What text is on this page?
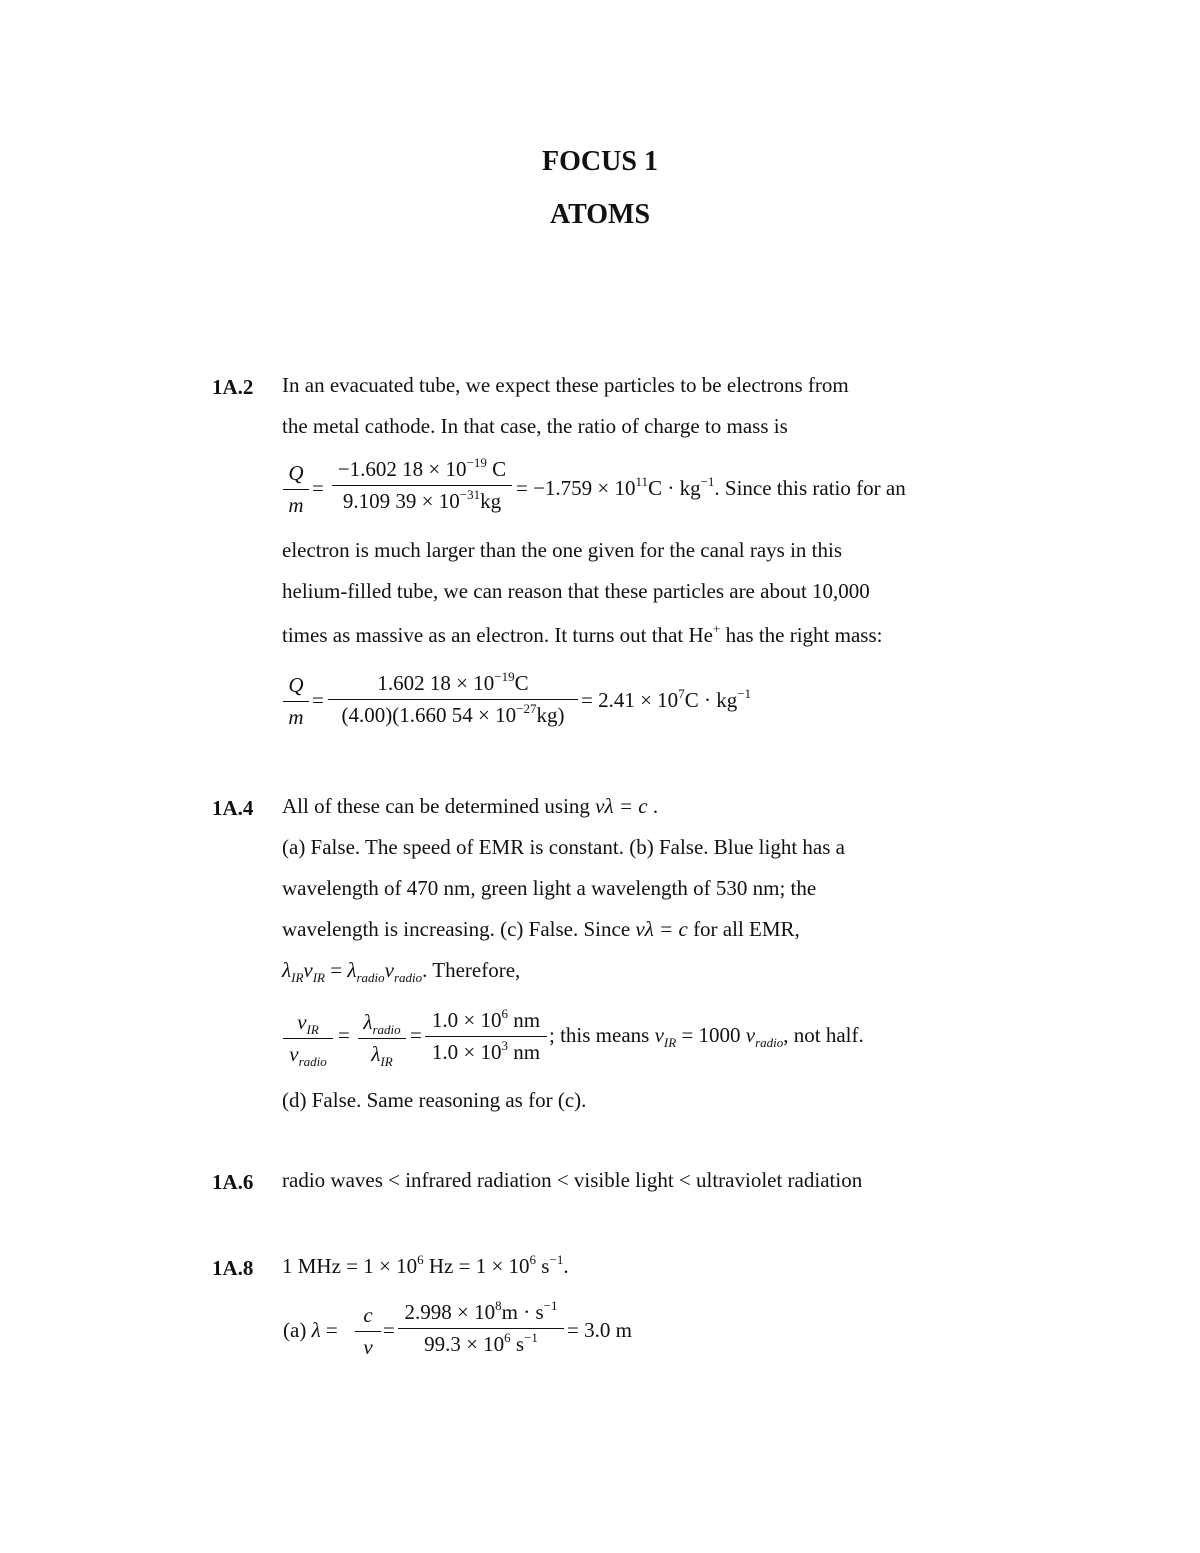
FOCUS 1
ATOMS
1A.2 In an evacuated tube, we expect these particles to be electrons from
the metal cathode. In that case, the ratio of charge to mass is
$\frac{Q}{m} = \frac{-1.602 18 \times 10^{-19} C}{9.109 39 \times 10^{-31}kg} = -1.759 \times 10^{11}C \cdot kg^{-1}$. Since this ratio for an
electron is much larger than the one given for the canal rays in this
helium-filled tube, we can reason that these particles are about 10,000
times as massive as an electron. It turns out that He+ has the right mass:
$\frac{Q}{m} = \frac{1.602 18 \times 10^{-19}C}{(4.00)(1.660 54 \times 10^{-27}kg)} = 2.41 \times 10^7C \cdot kg^{-1}$
1A.4 All of these can be determined using νλ = c .
(a) False. The speed of EMR is constant. (b) False. Blue light has a
wavelength of 470 nm, green light a wavelength of 530 nm; the
wavelength is increasing. (c) False. Since νλ = c for all EMR,
$\lambda_{IR}\nu_{IR} = \lambda_{radio}\nu_{radio}$. Therefore,
$\nu_{IR}$
$\nu_{radio}$
=
$\lambda_{radio}$
$\lambda_{IR}$
= $\frac{1.0 \times 10^6 nm}{1.0 \times 10^3 nm}$ ; this means $\nu_{IR} = 1000$ $\nu_{radio}$, not half.
(d) False. Same reasoning as for (c).
1A.6 radio waves < infrared radiation < visible light < ultraviolet radiation
1A.8 1 MHz = $1 \times 10^6$ $Hz = 1 \times 10^6$ $s^{-1}$.
(a) $\lambda = \frac{c}{\nu} = \frac{2.998 \times 10^8m \cdot s^{-1}}{99.3 \times 10^6 s^{-1}} = 3.0$ m
